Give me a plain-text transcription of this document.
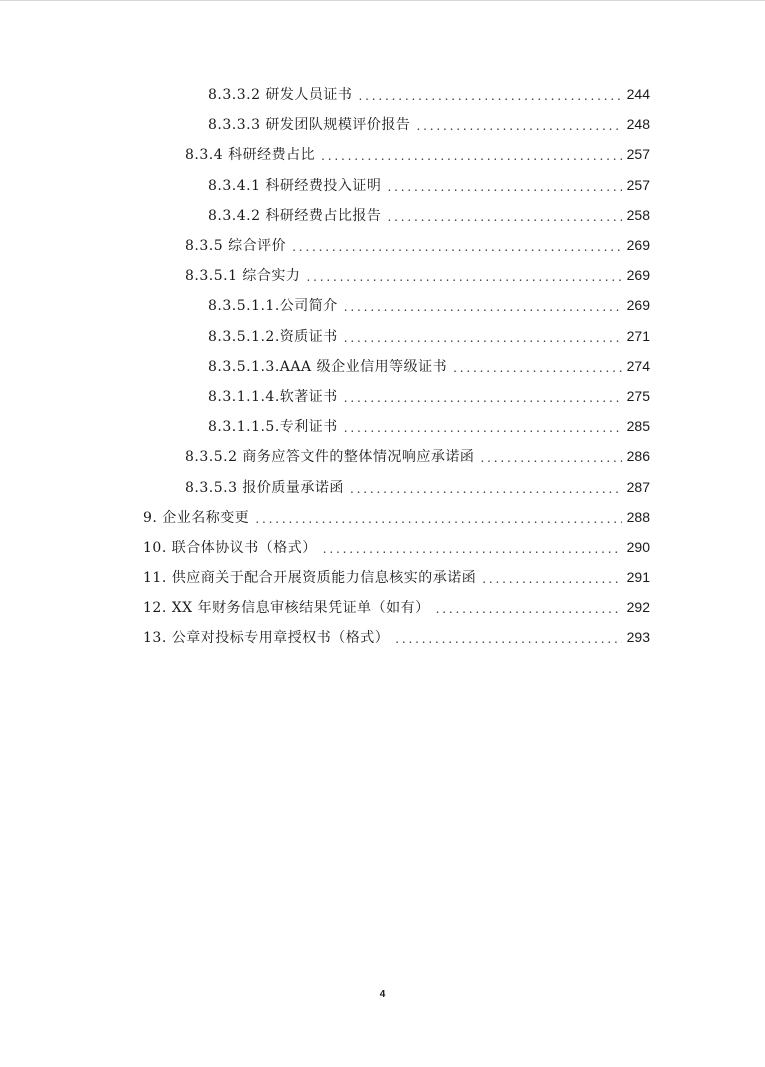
8.3.3.2 研发人员证书 . . .	244
8.3.3.3 研发团队规模评价报告 . . .	248
8.3.4 科研经费占比 . . .	257
8.3.4.1 科研经费投入证明 . . .	257
8.3.4.2 科研经费占比报告 . . .	258
8.3.5 综合评价 . . .	269
8.3.5.1 综合实力 . . .	269
8.3.5.1.1.公司简介 . . .	269
8.3.5.1.2.资质证书 . . .	271
8.3.5.1.3.AAA 级企业信用等级证书 . . .	274
8.3.1.1.4.软著证书 . . .	275
8.3.1.1.5.专利证书 . . .	285
8.3.5.2 商务应答文件的整体情况响应承诺函 . . .	286
8.3.5.3 报价质量承诺函 . . .	287
9. 企业名称变更 . . .	288
10. 联合体协议书（格式） . . .	290
11. 供应商关于配合开展资质能力信息核实的承诺函 . . .	291
12. XX 年财务信息审核结果凭证单（如有） . . .	292
13. 公章对投标专用章授权书（格式） . . .	293
4
